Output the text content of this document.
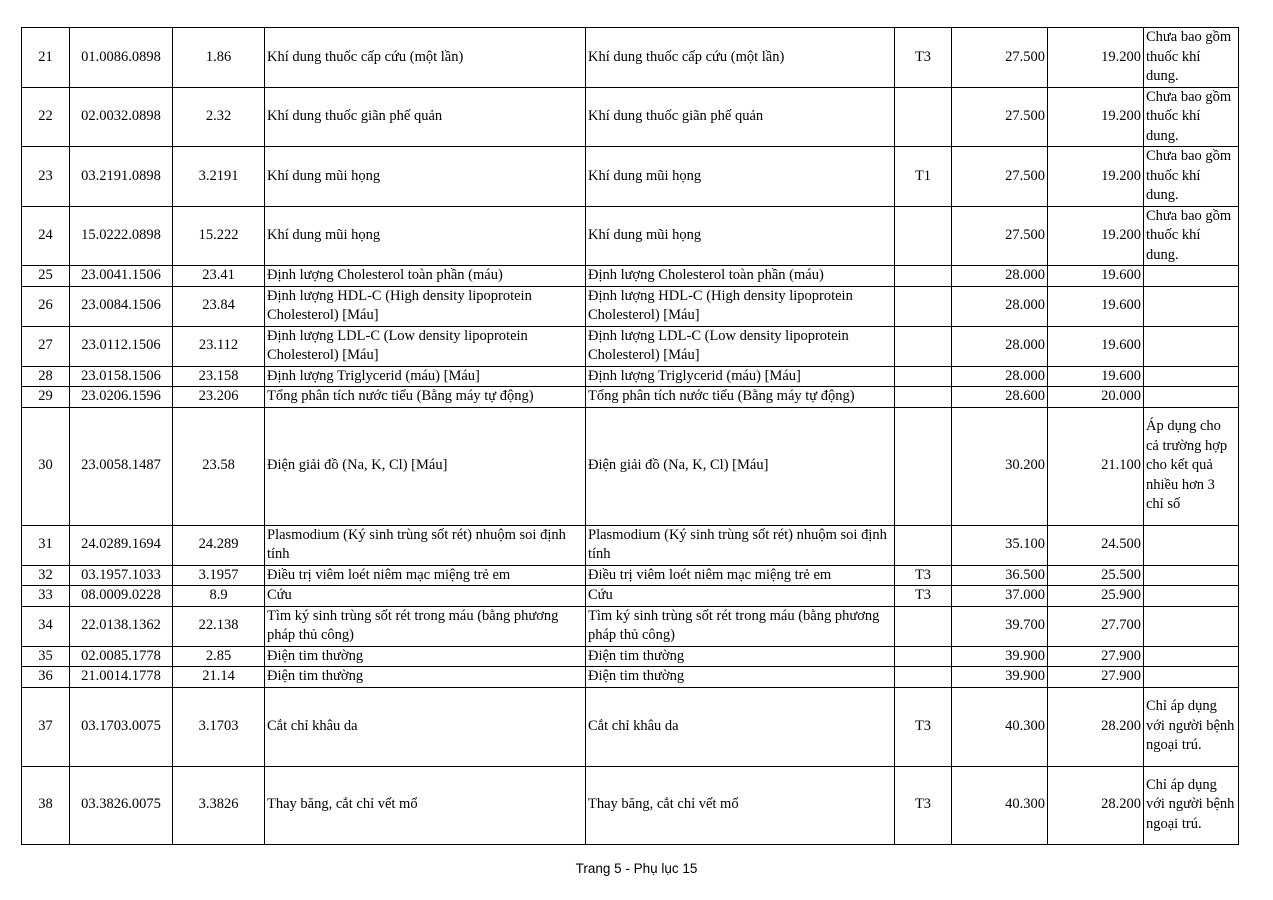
21	01.0086.0898	1.86	Khí dung thuốc cấp cứu (một lần)	Khí dung thuốc cấp cứu (một lần)	T3	27.500	19.200	Chưa bao gồm thuốc khí dung.
22	02.0032.0898	2.32	Khí dung thuốc giãn phế quản	Khí dung thuốc giãn phế quản		27.500	19.200	Chưa bao gồm thuốc khí dung.
23	03.2191.0898	3.2191	Khí dung mũi họng	Khí dung mũi họng	T1	27.500	19.200	Chưa bao gồm thuốc khí dung.
24	15.0222.0898	15.222	Khí dung mũi họng	Khí dung mũi họng		27.500	19.200	Chưa bao gồm thuốc khí dung.
25	23.0041.1506	23.41	Định lượng Cholesterol toàn phần (máu)	Định lượng Cholesterol toàn phần (máu)		28.000	19.600	
26	23.0084.1506	23.84	Định lượng HDL-C (High density lipoprotein Cholesterol) [Máu]	Định lượng HDL-C (High density lipoprotein Cholesterol) [Máu]		28.000	19.600	
27	23.0112.1506	23.112	Định lượng LDL-C (Low density lipoprotein Cholesterol) [Máu]	Định lượng LDL-C (Low density lipoprotein Cholesterol) [Máu]		28.000	19.600	
28	23.0158.1506	23.158	Định lượng Triglycerid (máu) [Máu]	Định lượng Triglycerid (máu) [Máu]		28.000	19.600	
29	23.0206.1596	23.206	Tổng phân tích nước tiểu (Bằng máy tự động)	Tổng phân tích nước tiểu (Bằng máy tự động)		28.600	20.000	
30	23.0058.1487	23.58	Điện giải đồ (Na, K, Cl) [Máu]	Điện giải đồ (Na, K, Cl) [Máu]		30.200	21.100	Áp dụng cho cả trường hợp cho kết quả nhiều hơn 3 chỉ số
31	24.0289.1694	24.289	Plasmodium (Ký sinh trùng sốt rét) nhuộm soi định tính	Plasmodium (Ký sinh trùng sốt rét) nhuộm soi định tính		35.100	24.500	
32	03.1957.1033	3.1957	Điều trị viêm loét niêm mạc miệng trẻ em	Điều trị viêm loét niêm mạc miệng trẻ em	T3	36.500	25.500	
33	08.0009.0228	8.9	Cứu	Cứu	T3	37.000	25.900	
34	22.0138.1362	22.138	Tìm ký sinh trùng sốt rét trong máu (bằng phương pháp thủ công)	Tìm ký sinh trùng sốt rét trong máu (bằng phương pháp thủ công)		39.700	27.700	
35	02.0085.1778	2.85	Điện tim thường	Điện tim thường		39.900	27.900	
36	21.0014.1778	21.14	Điện tim thường	Điện tim thường		39.900	27.900	
37	03.1703.0075	3.1703	Cắt chỉ khâu da	Cắt chỉ khâu da	T3	40.300	28.200	Chỉ áp dụng với người bệnh ngoại trú.
38	03.3826.0075	3.3826	Thay băng, cắt chỉ vết mổ	Thay băng, cắt chỉ vết mổ	T3	40.300	28.200	Chỉ áp dụng với người bệnh ngoại trú.
Trang 5 - Phụ lục 15
